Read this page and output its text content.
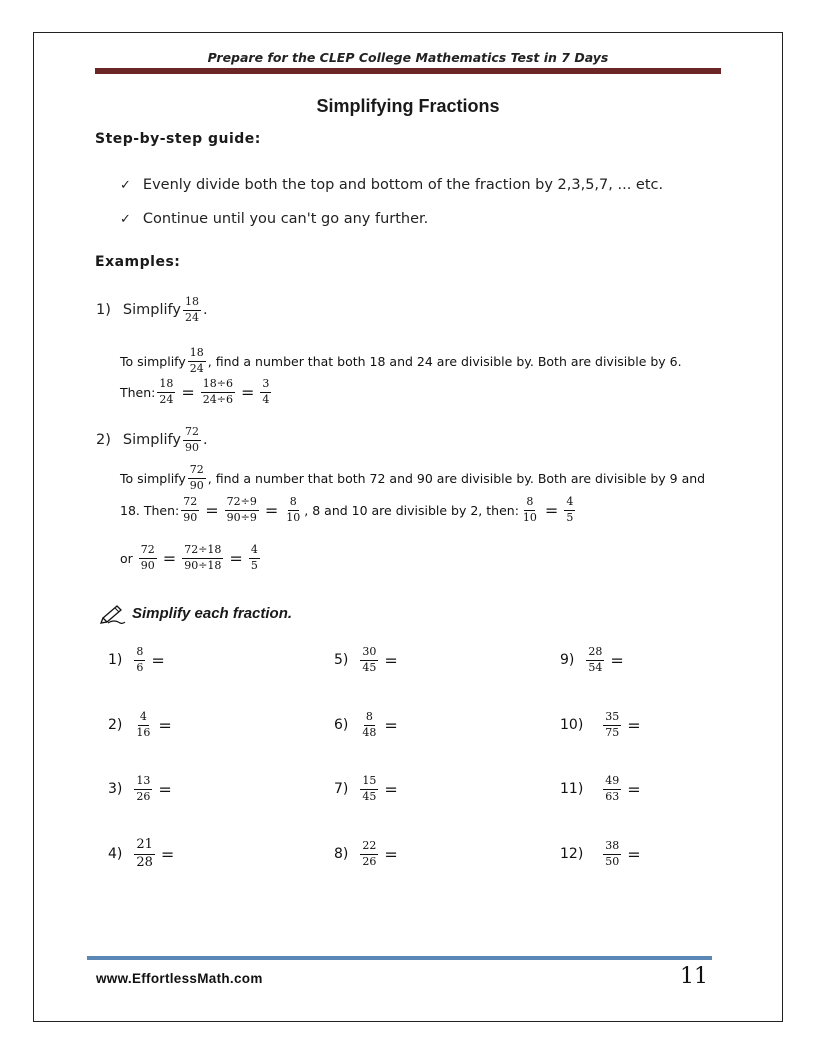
Prepare for the CLEP College Mathematics Test in 7 Days
Simplifying Fractions
Step-by-step guide:
✓ Evenly divide both the top and bottom of the fraction by 2,3,5,7, ... etc.
✓ Continue until you can't go any further.
Examples:
1) Simplify $\frac{18}{24}$ .
To simplify $\frac{18}{24}$ , find a number that both 18 and 24 are divisible by. Both are divisible by 6.
Then: $\frac{18}{24} = \frac{18\div 6}{24\div 6} = \frac{3}{4}$
2) Simplify $\frac{72}{90}$ .
To simplify $\frac{72}{90}$ , find a number that both 72 and 90 are divisible by. Both are divisible by 9 and
18. Then: $\frac{72}{90} = \frac{72\div 9}{90\div 9} = \frac{8}{10}$ , 8 and 10 are divisible by 2, then: $\frac{8}{10} = \frac{4}{5}$
or $\frac{72}{90} = \frac{72\div 18}{90\div 18} = \frac{4}{5}$
Simplify each fraction.
$1) \frac{8}{6}$ =
$2) \frac{4}{16}$ =
$3) \frac{13}{26}$ =
$4) \frac{21}{28}$ =
$5) \frac{30}{45}$ =
$6) \frac{8}{48}$ =
$7) \frac{15}{45}$ =
$8) \frac{22}{26}$ =
$9) \frac{28}{54}$ =
$10) \frac{35}{75}$ =
$11) \frac{49}{63}$ =
$12) \frac{38}{50}$ =
www.EffortlessMath.com	11
